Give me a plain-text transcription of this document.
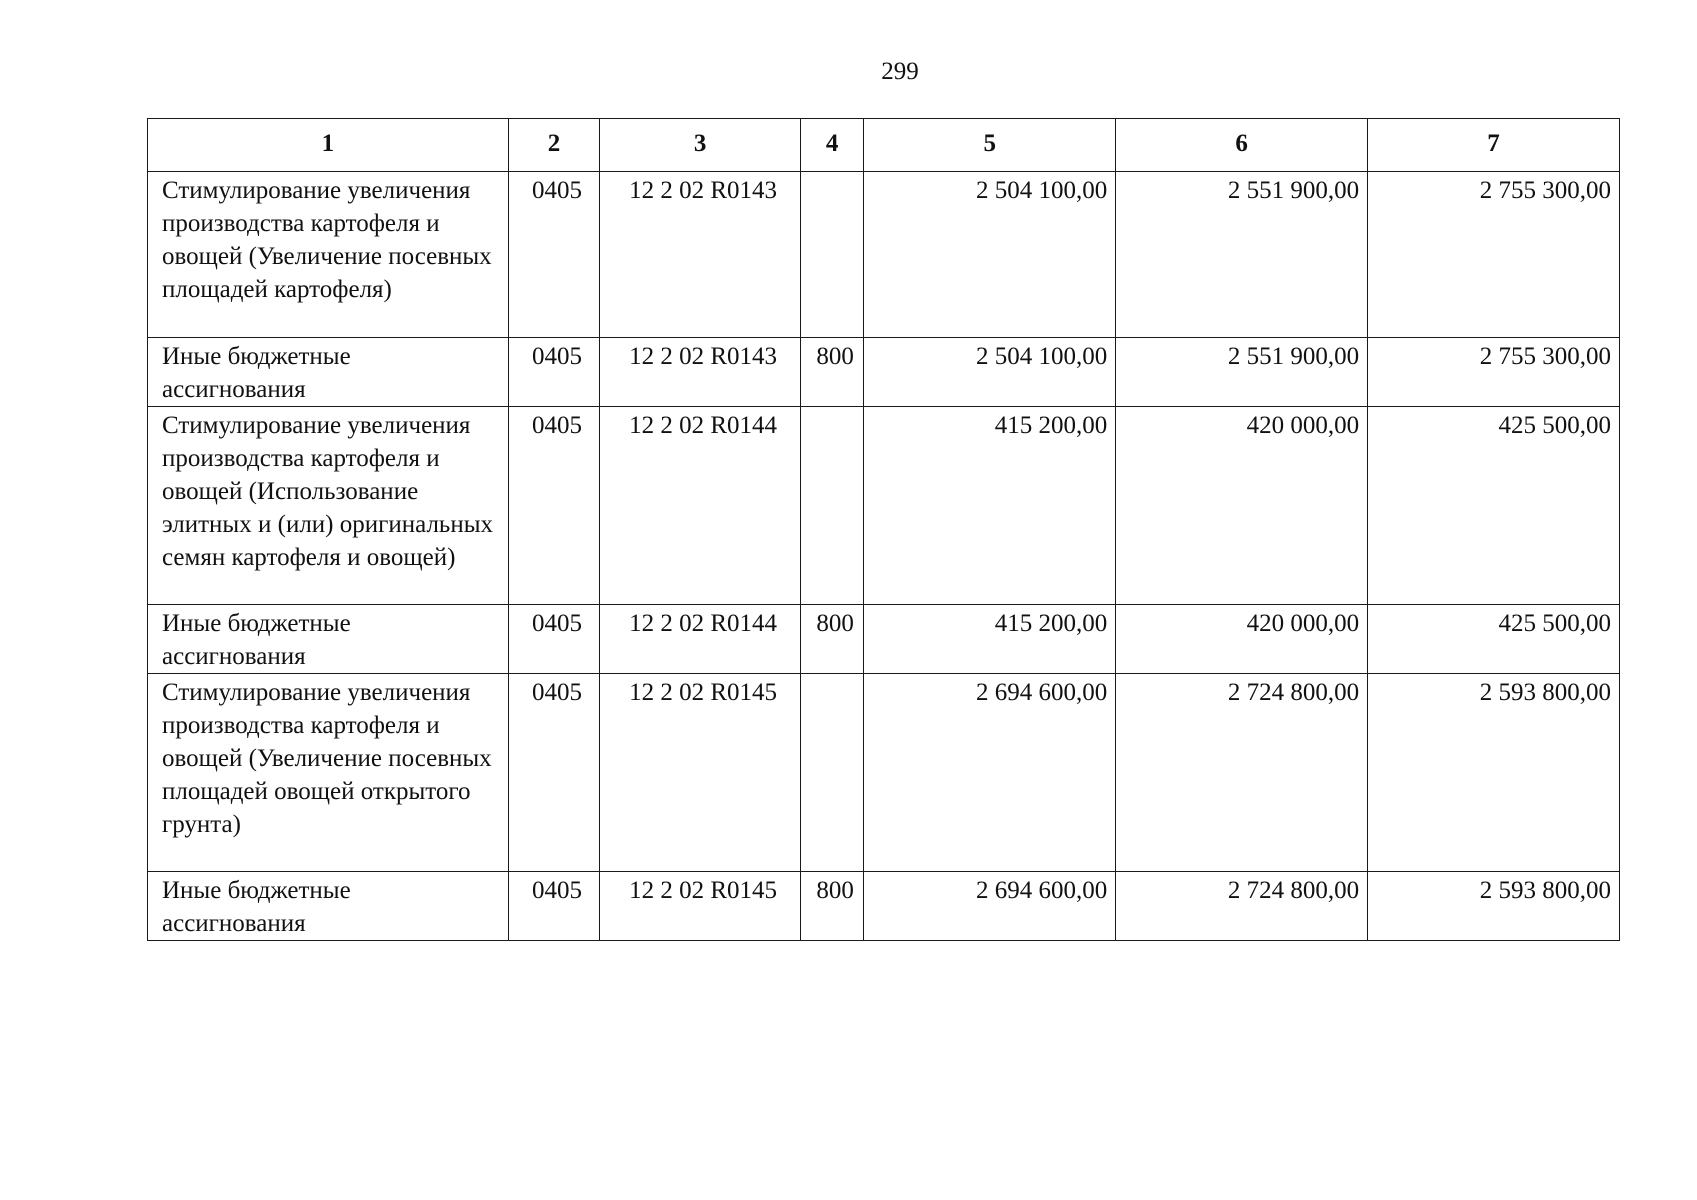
299
1	2	3	4	5	6	7
Стимулирование увеличения производства картофеля и овощей (Увеличение посевных площадей картофеля)	0405	12 2 02 R0143		2 504 100,00	2 551 900,00	2 755 300,00
Иные бюджетные ассигнования	0405	12 2 02 R0143	800	2 504 100,00	2 551 900,00	2 755 300,00
Стимулирование увеличения производства картофеля и овощей (Использование элитных и (или) оригинальных семян картофеля и овощей)	0405	12 2 02 R0144		415 200,00	420 000,00	425 500,00
Иные бюджетные ассигнования	0405	12 2 02 R0144	800	415 200,00	420 000,00	425 500,00
Стимулирование увеличения производства картофеля и овощей (Увеличение посевных площадей овощей открытого грунта)	0405	12 2 02 R0145		2 694 600,00	2 724 800,00	2 593 800,00
Иные бюджетные ассигнования	0405	12 2 02 R0145	800	2 694 600,00	2 724 800,00	2 593 800,00
